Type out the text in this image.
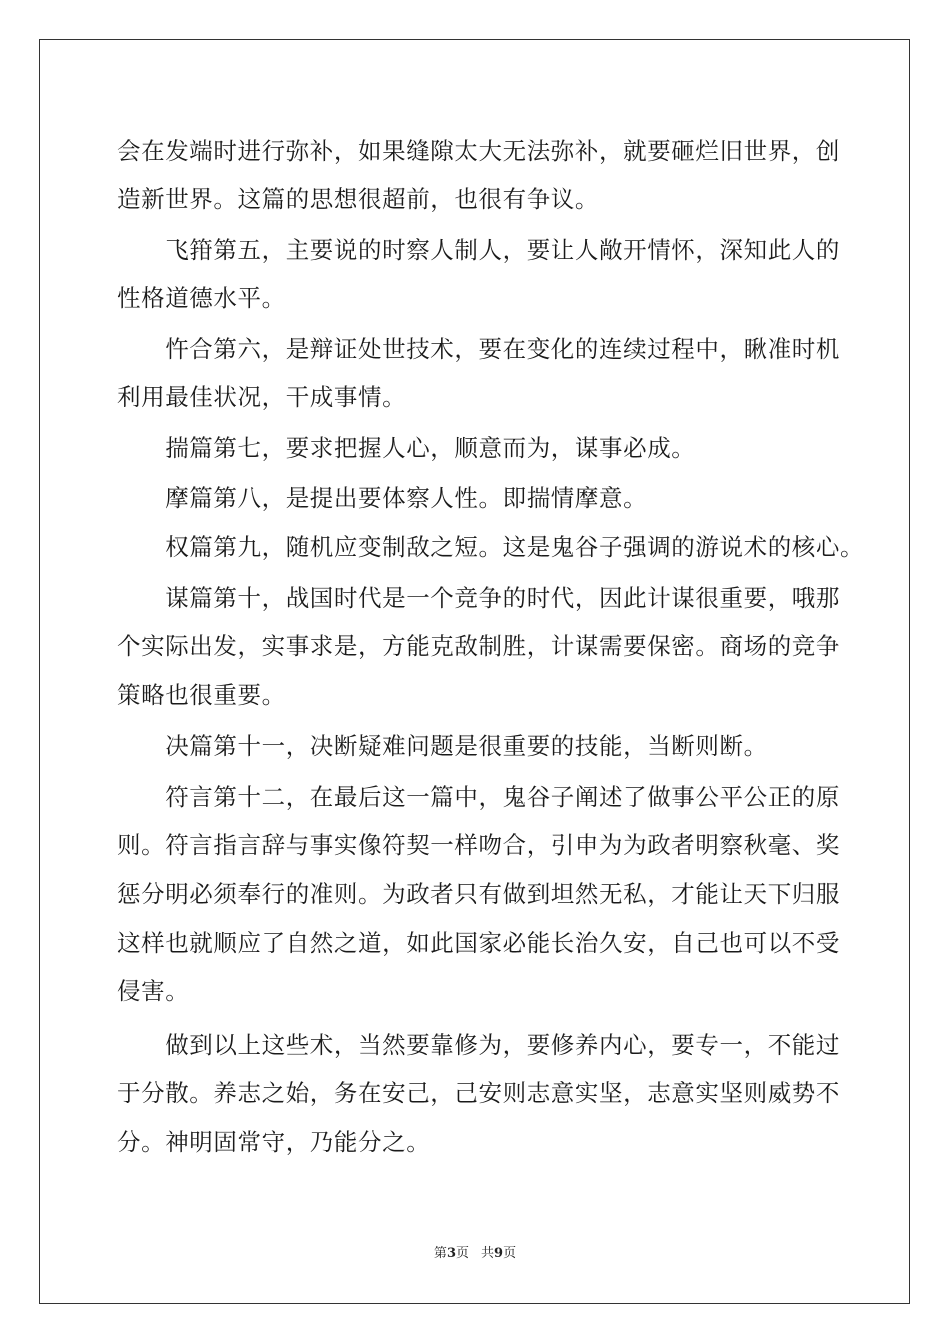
会在发端时进行弥补，如果缝隙太大无法弥补，就要砸烂旧世界，创
造新世界。这篇的思想很超前，也很有争议。
　　飞箝第五，主要说的时察人制人，要让人敞开情怀，深知此人的
性格道德水平。
　　忤合第六，是辩证处世技术，要在变化的连续过程中，瞅准时机
利用最佳状况，干成事情。
　　揣篇第七，要求把握人心，顺意而为，谋事必成。
　　摩篇第八，是提出要体察人性。即揣情摩意。
　　权篇第九，随机应变制敌之短。这是鬼谷子强调的游说术的核心。
　　谋篇第十，战国时代是一个竞争的时代，因此计谋很重要，哦那
个实际出发，实事求是，方能克敌制胜，计谋需要保密。商场的竞争
策略也很重要。
　　决篇第十一，决断疑难问题是很重要的技能，当断则断。
　　符言第十二，在最后这一篇中，鬼谷子阐述了做事公平公正的原
则。符言指言辞与事实像符契一样吻合，引申为为政者明察秋毫、奖
惩分明必须奉行的准则。为政者只有做到坦然无私，才能让天下归服
这样也就顺应了自然之道，如此国家必能长治久安，自己也可以不受
侵害。
　　做到以上这些术，当然要靠修为，要修养内心，要专一，不能过
于分散。养志之始，务在安己，己安则志意实坚，志意实坚则威势不
分。神明固常守，乃能分之。
第3页 共9页
